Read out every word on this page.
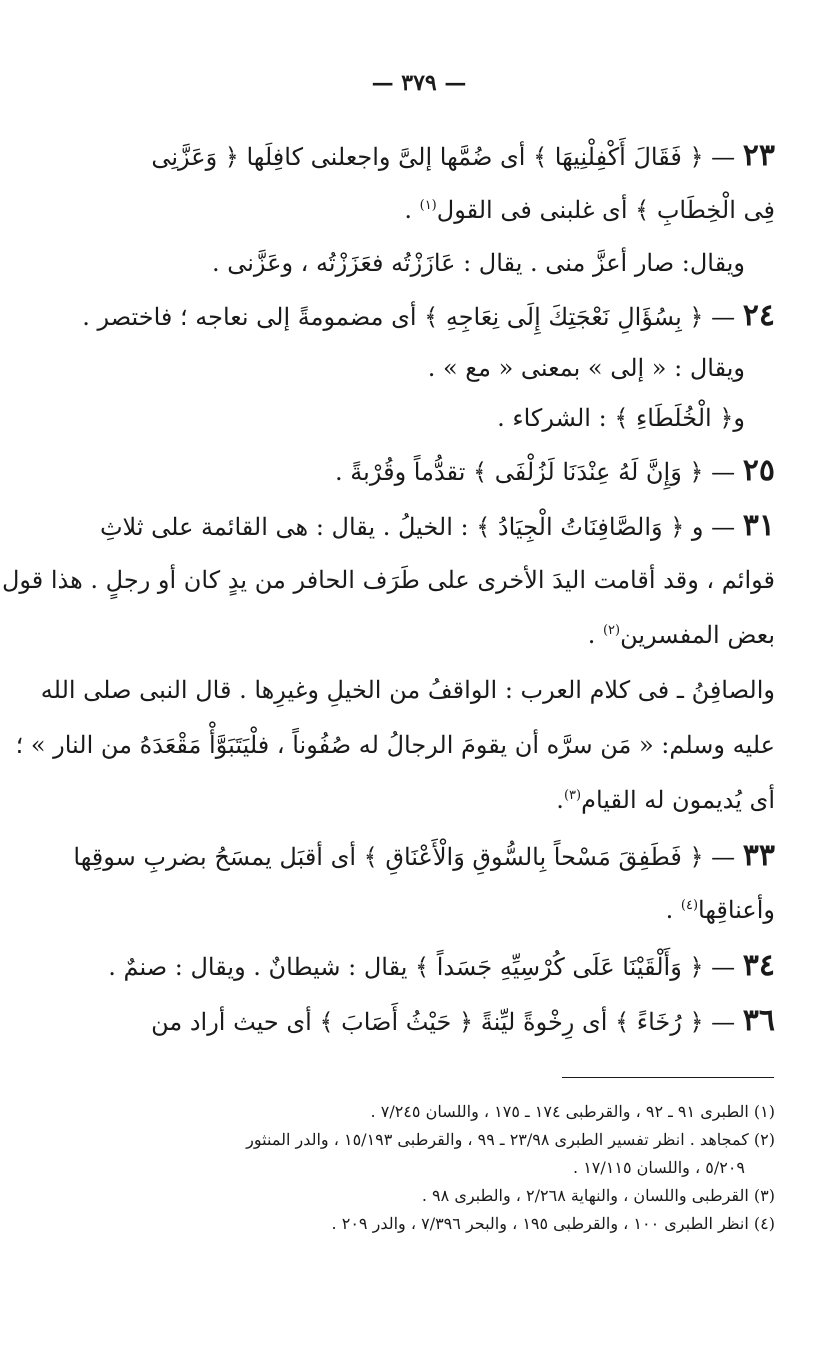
— ٣٧٩ —
٢٣ — ﴿ فَقَالَ أَكْفِلْنِيهَا ﴾ أى ضُمَّها إلىَّ واجعلنى كافِلَها ﴿ وَعَزَّنِى
فِى الْخِطَابِ ﴾ أى غلبنى فى القول$^{(١)}$ .
ويقال: صار أعزَّ منى . يقال : عَازَزْتُه فعَزَزْتُه ، وعَزَّنى .
٢٤ — ﴿ بِسُؤَالِ نَعْجَتِكَ إِلَى نِعَاجِهِ ﴾ أى مضمومةً إلى نعاجه ؛ فاختصر .
ويقال : « إلى » بمعنى « مع » .
و﴿ الْخُلَطَاءِ ﴾ : الشركاء .
٢٥ — ﴿ وَإِنَّ لَهُ عِنْدَنَا لَزُلْفَى ﴾ تقدُّماً وقُرْبةً .
٣١ — و ﴿ وَالصَّافِنَاتُ الْجِيَادُ ﴾ : الخيلُ . يقال : هى القائمة على ثلاثِ
قوائم ، وقد أقامت اليدَ الأخرى على طَرَف الحافر من يدٍ كان أو رجلٍ . هذا قول
بعض المفسرين$^{(٢)}$ .
والصافِنُ ـ فى كلام العرب : الواقفُ من الخيلِ وغيرِها . قال النبى صلى الله
عليه وسلم: « مَن سرَّه أن يقومَ الرجالُ له صُفُوناً ، فلْيَتَبَوَّأْ مَقْعَدَهُ من النار » ؛
أى يُديمون له القيام$^{(٣)}$.
٣٣ — ﴿ فَطَفِقَ مَسْحاً بِالسُّوقِ وَالْأَعْنَاقِ ﴾ أى أقبَل يمسَحُ بضربِ سوقِها
وأعناقِها$^{(٤)}$ .
٣٤ — ﴿ وَأَلْقَيْنَا عَلَى كُرْسِيِّهِ جَسَداً ﴾ يقال : شيطانٌ . ويقال : صنمٌ .
٣٦ — ﴿ رُخَاءً ﴾ أى رِخْوةً ليِّنةً ﴿ حَيْثُ أَصَابَ ﴾ أى حيث أراد من
(١) الطبرى ٩١ ـ ٩٢ ، والقرطبى ١٧٤ ـ ١٧٥ ، واللسان ٧/٢٤٥ .
(٢) كمجاهد . انظر تفسير الطبرى ٢٣/٩٨ ـ ٩٩ ، والقرطبى ١٥/١٩٣ ، والدر المنثور
٥/٢٠٩ ، واللسان ١٧/١١٥ .
(٣) القرطبى واللسان ، والنهاية ٢/٢٦٨ ، والطبرى ٩٨ .
(٤) انظر الطبرى ١٠٠ ، والقرطبى ١٩٥ ، والبحر ٧/٣٩٦ ، والدر ٢٠٩ .
